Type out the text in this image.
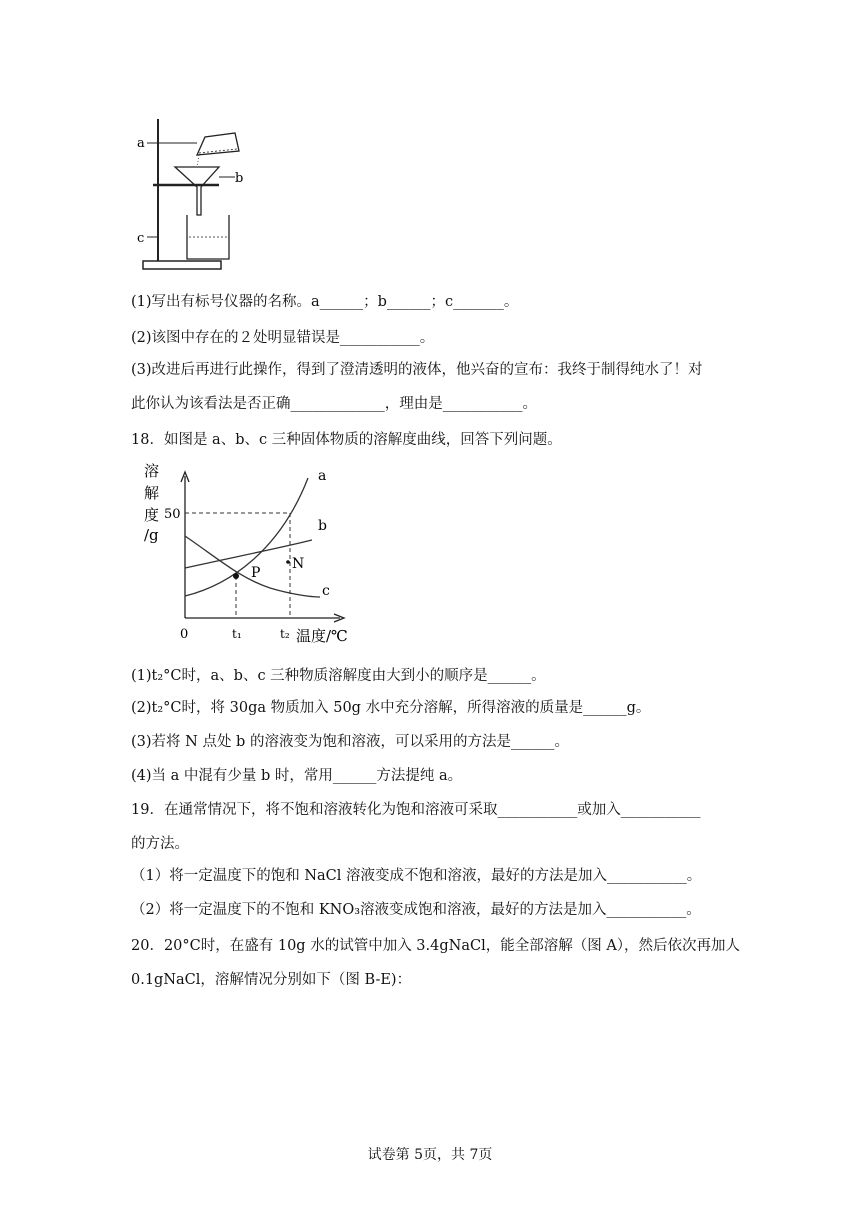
a
b
c
(1)写出有标号仪器的名称。a______；b______；c_______。
(2)该图中存在的２处明显错误是___________。
(3)改进后再进行此操作，得到了澄清透明的液体，他兴奋的宣布：我终于制得纯水了！对
此你认为该看法是否正确_____________，理由是___________。
18．如图是 a、b、c 三种固体物质的溶解度曲线，回答下列问题。
溶
解
度
/g
50
a
b
c
P
N
0	t₁	t₂ 温度/℃
(1)t₂°C时，a、b、c 三种物质溶解度由大到小的顺序是______。
(2)t₂°C时，将 30ga 物质加入 50g 水中充分溶解，所得溶液的质量是______g。
(3)若将 N 点处 b 的溶液变为饱和溶液，可以采用的方法是______。
(4)当 a 中混有少量 b 时，常用______方法提纯 a。
19．在通常情况下，将不饱和溶液转化为饱和溶液可采取___________或加入___________
的方法。
（1）将一定温度下的饱和 NaCl 溶液变成不饱和溶液，最好的方法是加入___________。
（2）将一定温度下的不饱和 KNO₃溶液变成饱和溶液，最好的方法是加入___________。
20．20°C时，在盛有 10g 水的试管中加入 3.4gNaCl，能全部溶解（图 A），然后依次再加人
0.1gNaCl，溶解情况分别如下（图 B-E)：
试卷第 5页，共 7页
